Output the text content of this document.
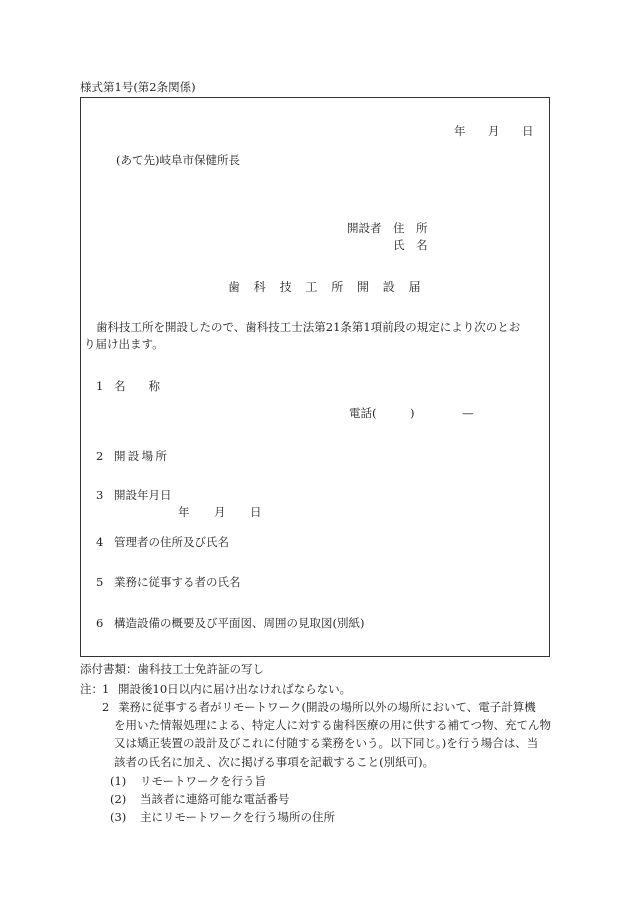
様式第1号(第2条関係)
年 月 日
(あて先)岐阜市保健所長
開設者 住　所
氏　名
歯科技工所開設届
歯科技工所を開設したので、歯科技工士法第21条第1項前段の規定により次のとお
り届け出ます。
1 名　　称
電話(	)	—
2 開設場所
3 開設年月日
年 月 日
4 管理者の住所及び氏名
5 業務に従事する者の氏名
6 構造設備の概要及び平面図、周囲の見取図(別紙)
添付書類：歯科技工士免許証の写し
注： 1 開設後10日以内に届け出なければならない。
2 業務に従事する者がリモートワーク(開設の場所以外の場所において、電子計算機
を用いた情報処理による、特定人に対する歯科医療の用に供する補てつ物、充てん物
又は矯正装置の設計及びこれに付随する業務をいう。以下同じ。)を行う場合は、当
該者の氏名に加え、次に掲げる事項を記載すること(別紙可)。
(1) リモートワークを行う旨
(2) 当該者に連絡可能な電話番号
(3) 主にリモートワークを行う場所の住所
